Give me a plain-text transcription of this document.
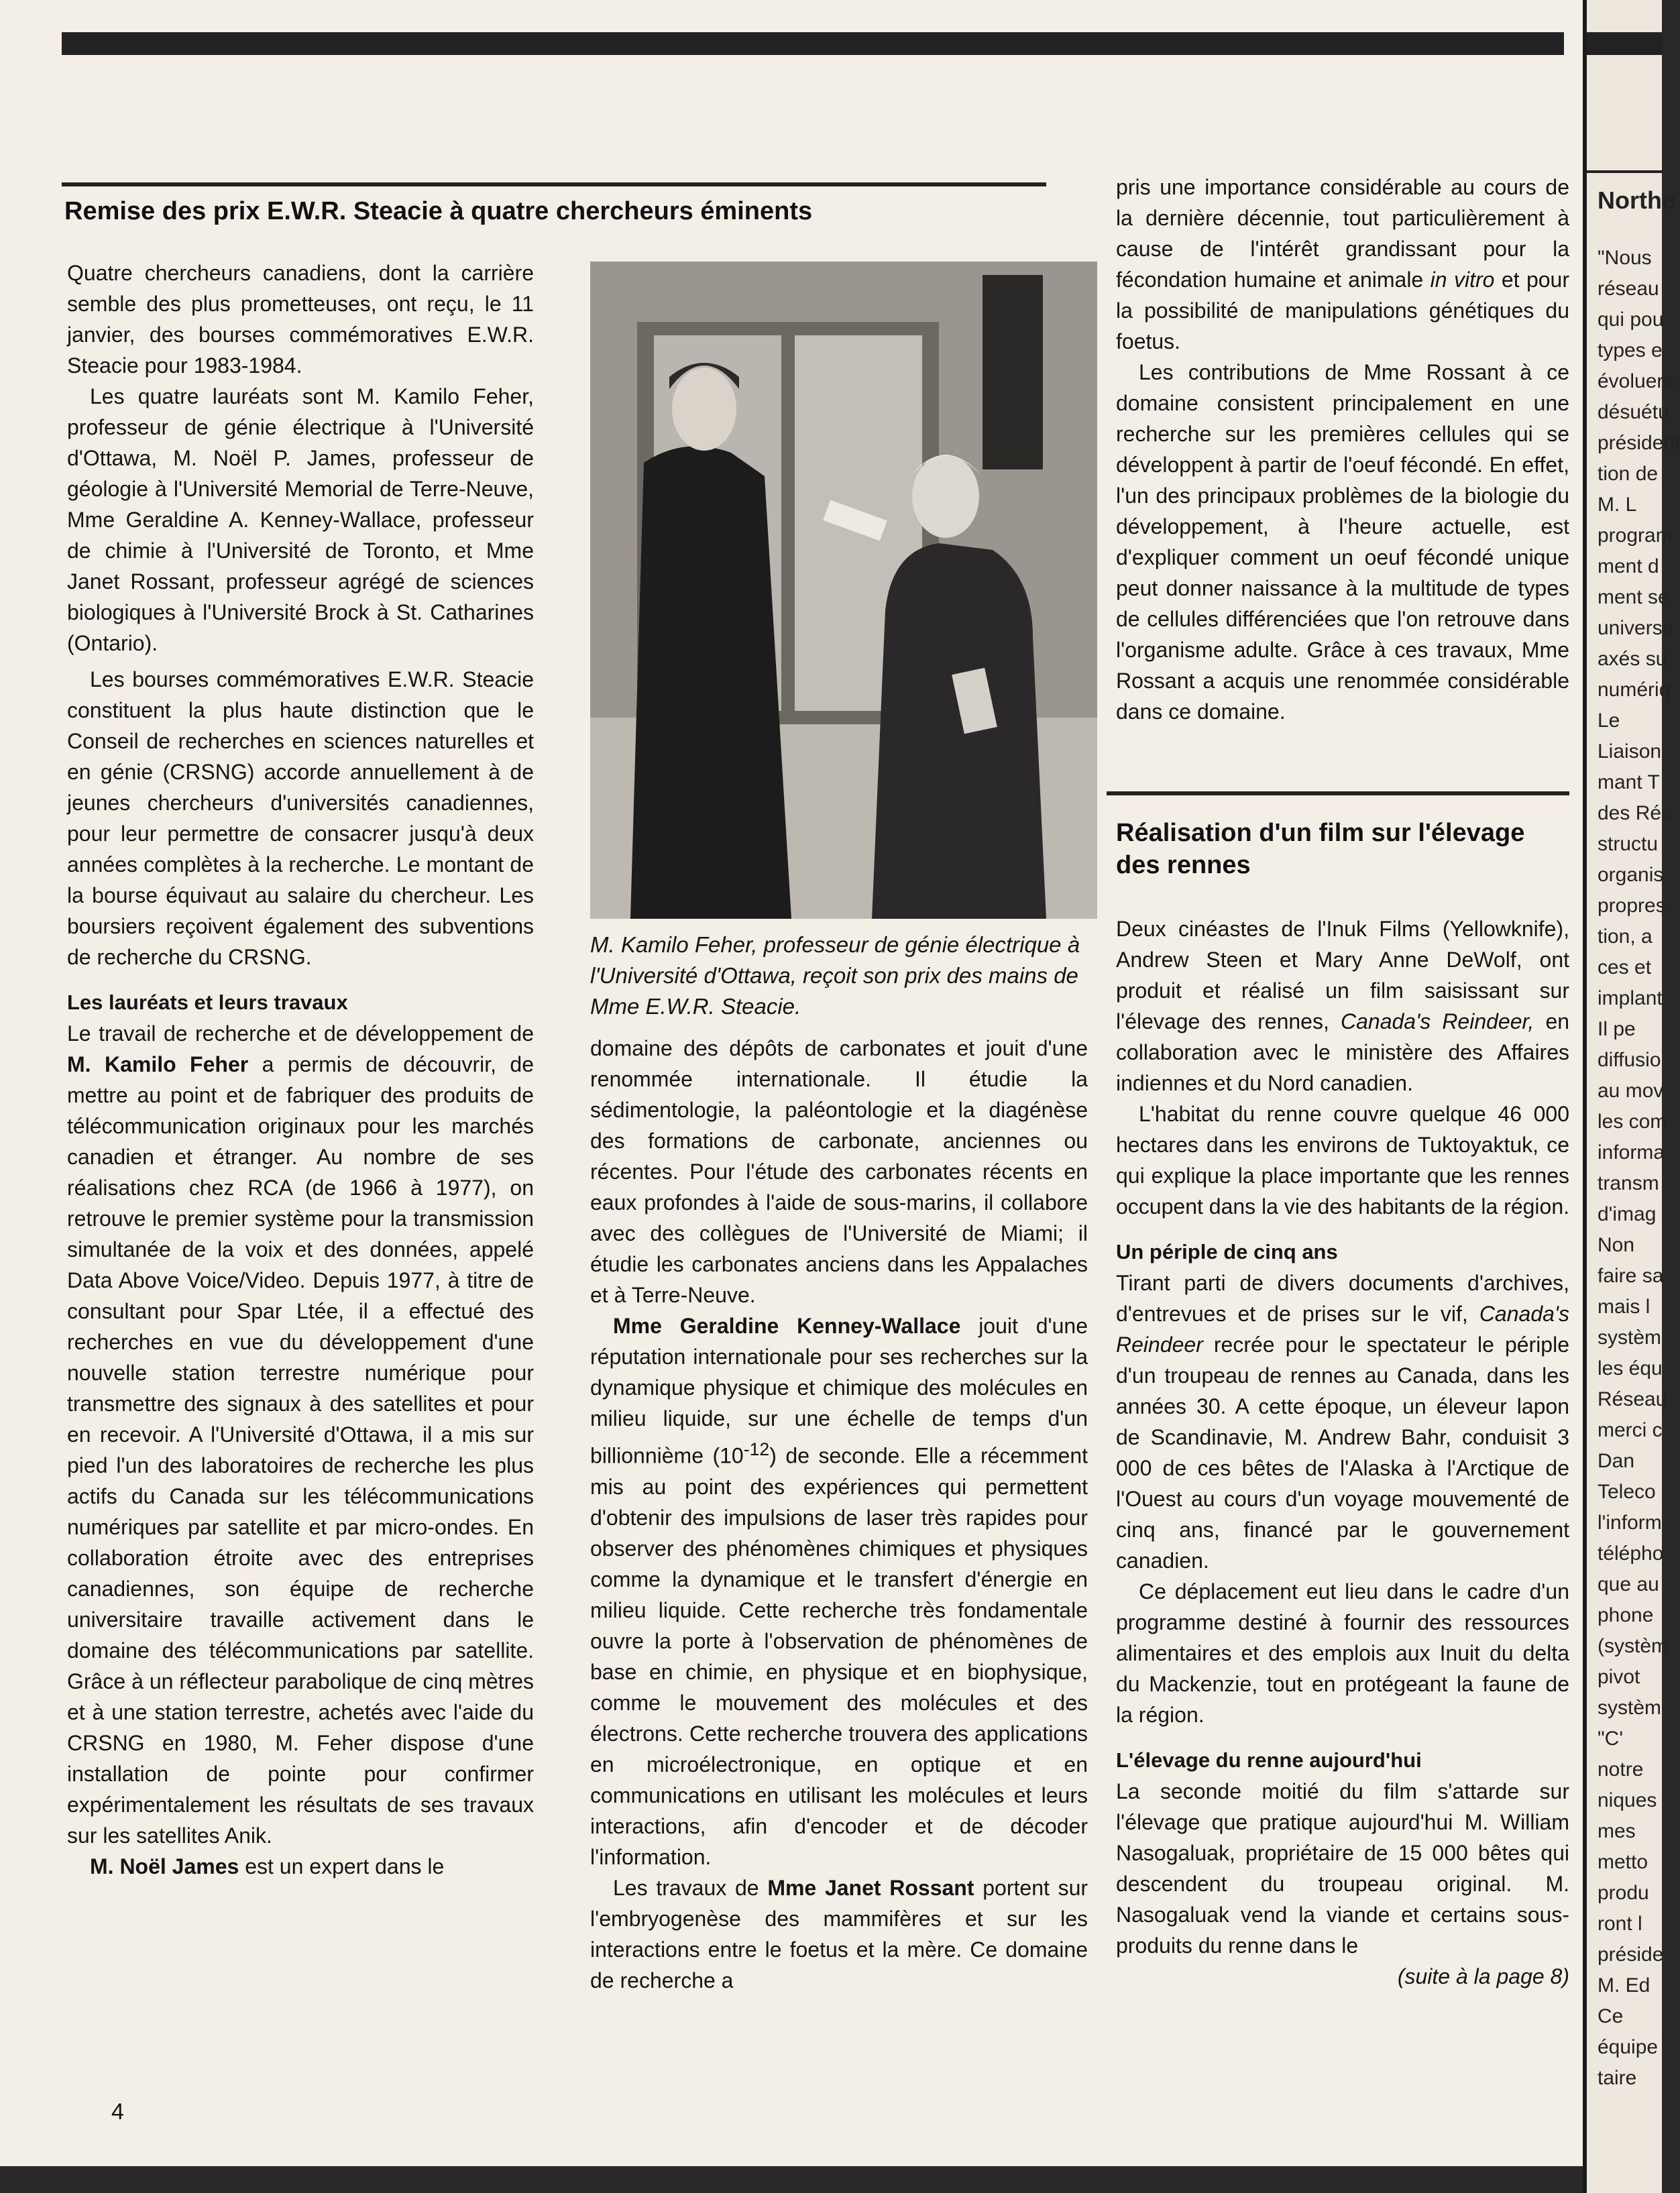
Remise des prix E.W.R. Steacie à quatre chercheurs éminents

Quatre chercheurs canadiens, dont la carrière semble des plus prometteuses, ont reçu, le 11 janvier, des bourses commémoratives E.W.R. Steacie pour 1983-1984.

Les quatre lauréats sont M. Kamilo Feher, professeur de génie électrique à l'Université d'Ottawa, M. Noël P. James, professeur de géologie à l'Université Memorial de Terre-Neuve, Mme Geraldine A. Kenney-Wallace, professeur de chimie à l'Université de Toronto, et Mme Janet Rossant, professeur agrégé de sciences biologiques à l'Université Brock à St. Catharines (Ontario).

Les bourses commémoratives E.W.R. Steacie constituent la plus haute distinction que le Conseil de recherches en sciences naturelles et en génie (CRSNG) accorde annuellement à de jeunes chercheurs d'universités canadiennes, pour leur permettre de consacrer jusqu'à deux années complètes à la recherche. Le montant de la bourse équivaut au salaire du chercheur. Les boursiers reçoivent également des subventions de recherche du CRSNG.

Les lauréats et leurs travaux

Le travail de recherche et de développement de M. Kamilo Feher a permis de découvrir, de mettre au point et de fabriquer des produits de télécommunication originaux pour les marchés canadien et étranger. Au nombre de ses réalisations chez RCA (de 1966 à 1977), on retrouve le premier système pour la transmission simultanée de la voix et des données, appelé Data Above Voice/Video. Depuis 1977, à titre de consultant pour Spar Ltée, il a effectué des recherches en vue du développement d'une nouvelle station terrestre numérique pour transmettre des signaux à des satellites et pour en recevoir. A l'Université d'Ottawa, il a mis sur pied l'un des laboratoires de recherche les plus actifs du Canada sur les télécommunications numériques par satellite et par micro-ondes. En collaboration étroite avec des entreprises canadiennes, son équipe de recherche universitaire travaille activement dans le domaine des télécommunications par satellite. Grâce à un réflecteur parabolique de cinq mètres et à une station terrestre, achetés avec l'aide du CRSNG en 1980, M. Feher dispose d'une installation de pointe pour confirmer expérimentalement les résultats de ses travaux sur les satellites Anik.

M. Noël James est un expert dans le

M. Kamilo Feher, professeur de génie électrique à l'Université d'Ottawa, reçoit son prix des mains de Mme E.W.R. Steacie.

domaine des dépôts de carbonates et jouit d'une renommée internationale. Il étudie la sédimentologie, la paléontologie et la diagénèse des formations de carbonate, anciennes ou récentes. Pour l'étude des carbonates récents en eaux profondes à l'aide de sous-marins, il collabore avec des collègues de l'Université de Miami; il étudie les carbonates anciens dans les Appalaches et à Terre-Neuve.

Mme Geraldine Kenney-Wallace jouit d'une réputation internationale pour ses recherches sur la dynamique physique et chimique des molécules en milieu liquide, sur une échelle de temps d'un billionnième $(10^{-12})$ de seconde. Elle a récemment mis au point des expériences qui permettent d'obtenir des impulsions de laser très rapides pour observer des phénomènes chimiques et physiques comme la dynamique et le transfert d'énergie en milieu liquide. Cette recherche très fondamentale ouvre la porte à l'observation de phénomènes de base en chimie, en physique et en biophysique, comme le mouvement des molécules et des électrons. Cette recherche trouvera des applications en microélectronique, en optique et en communications en utilisant les molécules et leurs interactions, afin d'encoder et de décoder l'information.

Les travaux de Mme Janet Rossant portent sur l'embryogenèse des mammifères et sur les interactions entre le foetus et la mère. Ce domaine de recherche a

pris une importance considérable au cours de la dernière décennie, tout particulièrement à cause de l'intérêt grandissant pour la fécondation humaine et animale in vitro et pour la possibilité de manipulations génétiques du foetus.

Les contributions de Mme Rossant à ce domaine consistent principalement en une recherche sur les premières cellules qui se développent à partir de l'oeuf fécondé. En effet, l'un des principaux problèmes de la biologie du développement, à l'heure actuelle, est d'expliquer comment un oeuf fécondé unique peut donner naissance à la multitude de types de cellules différenciées que l'on retrouve dans l'organisme adulte. Grâce à ces travaux, Mme Rossant a acquis une renommée considérable dans ce domaine.

Réalisation d'un film sur l'élevage des rennes

Deux cinéastes de l'Inuk Films (Yellowknife), Andrew Steen et Mary Anne DeWolf, ont produit et réalisé un film saisissant sur l'élevage des rennes, Canada's Reindeer, en collaboration avec le ministère des Affaires indiennes et du Nord canadien.

L'habitat du renne couvre quelque 46 000 hectares dans les environs de Tuktoyaktuk, ce qui explique la place importante que les rennes occupent dans la vie des habitants de la région.

Un périple de cinq ans

Tirant parti de divers documents d'archives, d'entrevues et de prises sur le vif, Canada's Reindeer recrée pour le spectateur le périple d'un troupeau de rennes au Canada, dans les années 30. A cette époque, un éleveur lapon de Scandinavie, M. Andrew Bahr, conduisit 3 000 de ces bêtes de l'Alaska à l'Arctique de l'Ouest au cours d'un voyage mouvementé de cinq ans, financé par le gouvernement canadien.

Ce déplacement eut lieu dans le cadre d'un programme destiné à fournir des ressources alimentaires et des emplois aux Inuit du delta du Mackenzie, tout en protégeant la faune de la région.

L'élevage du renne aujourd'hui

La seconde moitié du film s'attarde sur l'élevage que pratique aujourd'hui M. William Nasogaluak, propriétaire de 15 000 bêtes qui descendent du troupeau original. M. Nasogaluak vend la viande et certains sous-produits du renne dans le

(suite à la page 8)

4
Northe
"Nous
réseau
qui pou
types e
évoluera
désuétu
président
tion de
M. L
program
ment d
ment se
universe
axés su
numériq
Le
Liaison
mant T
des Rés
structu
organis
propres
tion, a
ces et
implant
Il pe
diffusio
au mov
les com
informa
transm
d'imag
Non
faire sa
mais l
systèm
les équ
Réseau
merci c
Dan
Teleco
l'inform
télépho
que au
phone
(systèm
pivot
systèm
"C'
notre
niques
mes
metto
produ
ront l
préside
M. Ed
Ce
équipe
taire
